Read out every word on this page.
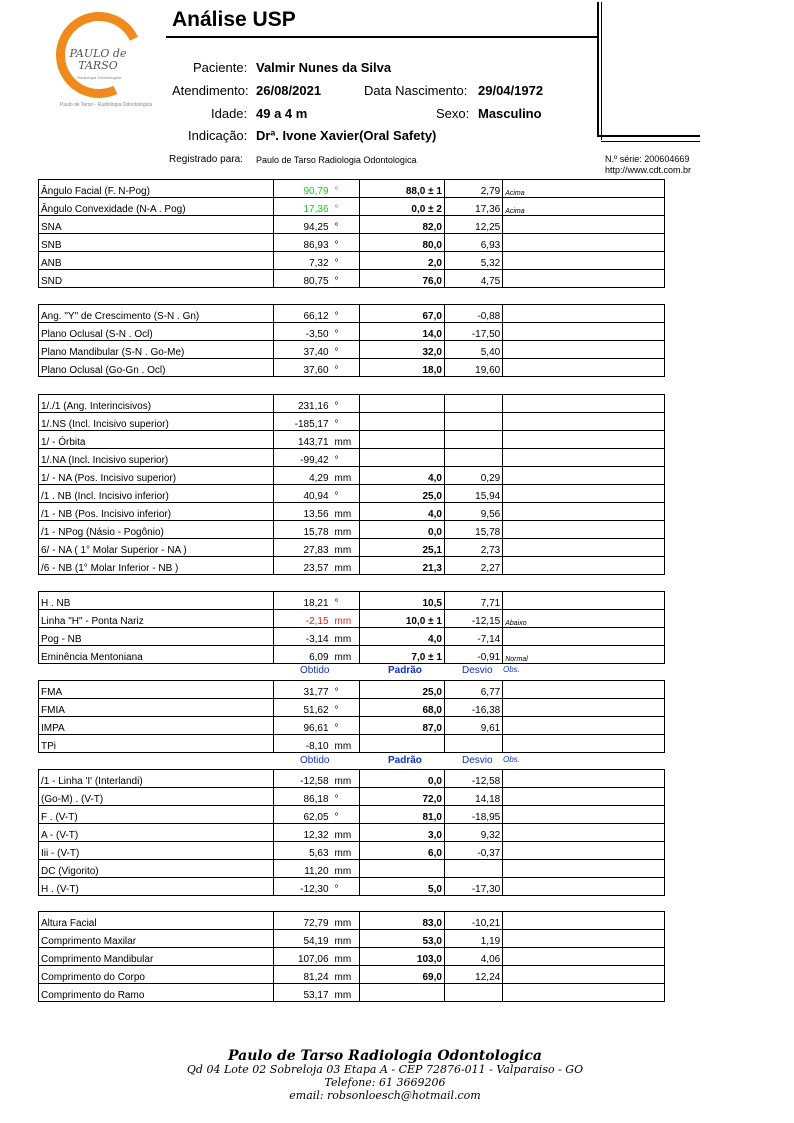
PAULO de TARSO
Radiologia Odontologica
Paulo de Tarso - Radiologia Odontologica
Análise USP
Paciente: Valmir Nunes da Silva
Atendimento: 26/08/2021	Data Nascimento: 29/04/1972
Idade: 49 a 4 m	Sexo: Masculino
Indicação: Drª. Ivone Xavier(Oral Safety)
Registrado para: Paulo de Tarso Radiologia Odontologica	N.º série: 200604669
http://www.cdt.com.br
Ângulo Facial (F. N-Pog)	90,79 °	88,0 ± 1	2,79	Acima
Ângulo Convexidade (N-A . Pog)	17,36 °	0,0 ± 2	17,36	Acima
SNA	94,25 °	82,0	12,25	
SNB	86,93 °	80,0	6,93	
ANB	7,32 °	2,0	5,32	
SND	80,75 °	76,0	4,75	
Ang. "Y" de Crescimento (S-N . Gn)	66,12 °	67,0	-0,88	
Plano Oclusal (S-N . Ocl)	-3,50 °	14,0	-17,50	
Plano Mandibular (S-N . Go-Me)	37,40 °	32,0	5,40	
Plano Oclusal (Go-Gn . Ocl)	37,60 °	18,0	19,60	
1/./1 (Ang. Interincisivos)	231,16 °			
1/.NS (Incl. Incisivo superior)	-185,17 °			
1/ - Órbita	143,71 mm			
1/.NA (Incl. Incisivo superior)	-99,42 °			
1/ - NA (Pos. Incisivo superior)	4,29 mm	4,0	0,29	
/1 . NB (Incl. Incisivo inferior)	40,94 °	25,0	15,94	
/1 - NB (Pos. Incisivo inferior)	13,56 mm	4,0	9,56	
/1 - NPog (Násio - Pogônio)	15,78 mm	0,0	15,78	
6/ - NA ( 1° Molar Superior - NA )	27,83 mm	25,1	2,73	
/6 - NB (1° Molar Inferior - NB )	23,57 mm	21,3	2,27	
H . NB	18,21 °	10,5	7,71	
Linha "H" - Ponta Nariz	-2,15 mm	10,0 ± 1	-12,15	Abaixo
Pog - NB	-3,14 mm	4,0	-7,14	
Eminência Mentoniana	6,09 mm	7,0 ± 1	-0,91	Normal
Obtido	Padrão	Desvio Obs.
FMA	31,77 °	25,0	6,77	
FMIA	51,62 °	68,0	-16,38	
IMPA	96,61 °	87,0	9,61	
TPi	-8,10 mm			
Obtido	Padrão	Desvio Obs.
/1 - Linha 'I' (Interlandi)	-12,58 mm	0,0	-12,58	
(Go-M) . (V-T)	86,18 °	72,0	14,18	
F . (V-T)	62,05 °	81,0	-18,95	
A - (V-T)	12,32 mm	3,0	9,32	
Iii - (V-T)	5,63 mm	6,0	-0,37	
DC (Vigorito)	11,20 mm			
H . (V-T)	-12,30 °	5,0	-17,30	
Altura Facial	72,79 mm	83,0	-10,21	
Comprimento Maxilar	54,19 mm	53,0	1,19	
Comprimento Mandibular	107,06 mm	103,0	4,06	
Comprimento do Corpo	81,24 mm	69,0	12,24	
Comprimento do Ramo	53,17 mm			
Paulo de Tarso Radiologia Odontologica
Qd 04 Lote 02 Sobreloja 03 Etapa A - CEP 72876-011 - Valparaiso - GO
Telefone: 61 3669206
email: robsonloesch@hotmail.com
